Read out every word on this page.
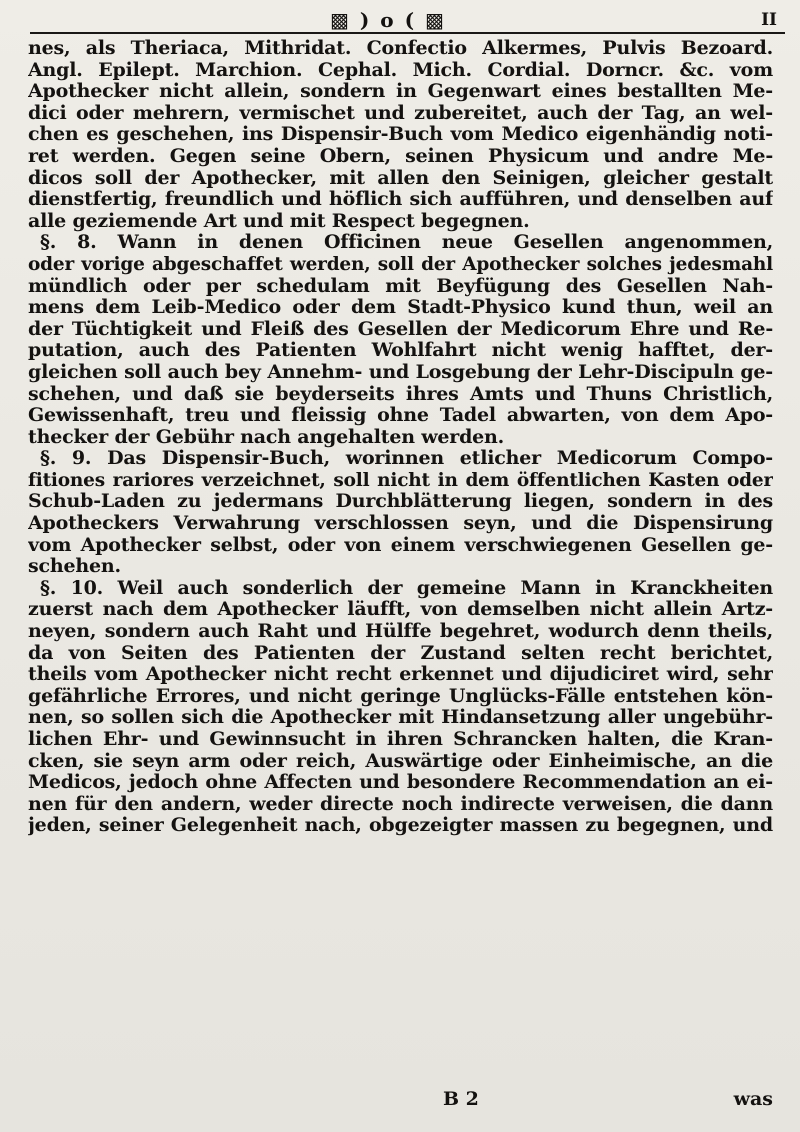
▩ ) o ( ▩	II
nes, als Theriaca, Mithridat. Confectio Alkermes, Pulvis Bezoard.
Angl. Epilept. Marchion. Cephal. Mich. Cordial. Dorncr. &c. vom
Apothecker nicht allein, sondern in Gegenwart eines bestallten Me-
dici oder mehrern, vermischet und zubereitet, auch der Tag, an wel-
chen es geschehen, ins Dispensir-Buch vom Medico eigenhändig noti-
ret werden. Gegen seine Obern, seinen Physicum und andre Me-
dicos soll der Apothecker, mit allen den Seinigen, gleicher gestalt
dienstfertig, freundlich und höflich sich aufführen, und denselben auf
alle geziemende Art und mit Respect begegnen.
§. 8. Wann in denen Officinen neue Gesellen angenommen,
oder vorige abgeschaffet werden, soll der Apothecker solches jedesmahl
mündlich oder per schedulam mit Beyfügung des Gesellen Nah-
mens dem Leib-Medico oder dem Stadt-Physico kund thun, weil an
der Tüchtigkeit und Fleiß des Gesellen der Medicorum Ehre und Re-
putation, auch des Patienten Wohlfahrt nicht wenig hafftet, der-
gleichen soll auch bey Annehm- und Losgebung der Lehr-Discipuln ge-
schehen, und daß sie beyderseits ihres Amts und Thuns Christlich,
Gewissenhaft, treu und fleissig ohne Tadel abwarten, von dem Apo-
thecker der Gebühr nach angehalten werden.
§. 9. Das Dispensir-Buch, worinnen etlicher Medicorum Compo-
fitiones rariores verzeichnet, soll nicht in dem öffentlichen Kasten oder
Schub-Laden zu jedermans Durchblätterung liegen, sondern in des
Apotheckers Verwahrung verschlossen seyn, und die Dispensirung
vom Apothecker selbst, oder von einem verschwiegenen Gesellen ge-
schehen.
§. 10. Weil auch sonderlich der gemeine Mann in Kranckheiten
zuerst nach dem Apothecker läufft, von demselben nicht allein Artz-
neyen, sondern auch Raht und Hülffe begehret, wodurch denn theils,
da von Seiten des Patienten der Zustand selten recht berichtet,
theils vom Apothecker nicht recht erkennet und dijudiciret wird, sehr
gefährliche Errores, und nicht geringe Unglücks-Fälle entstehen kön-
nen, so sollen sich die Apothecker mit Hindansetzung aller ungebühr-
lichen Ehr- und Gewinnsucht in ihren Schrancken halten, die Kran-
cken, sie seyn arm oder reich, Auswärtige oder Einheimische, an die
Medicos, jedoch ohne Affecten und besondere Recommendation an ei-
nen für den andern, weder directe noch indirecte verweisen, die dann
jeden, seiner Gelegenheit nach, obgezeigter massen zu begegnen, und
B 2	was
